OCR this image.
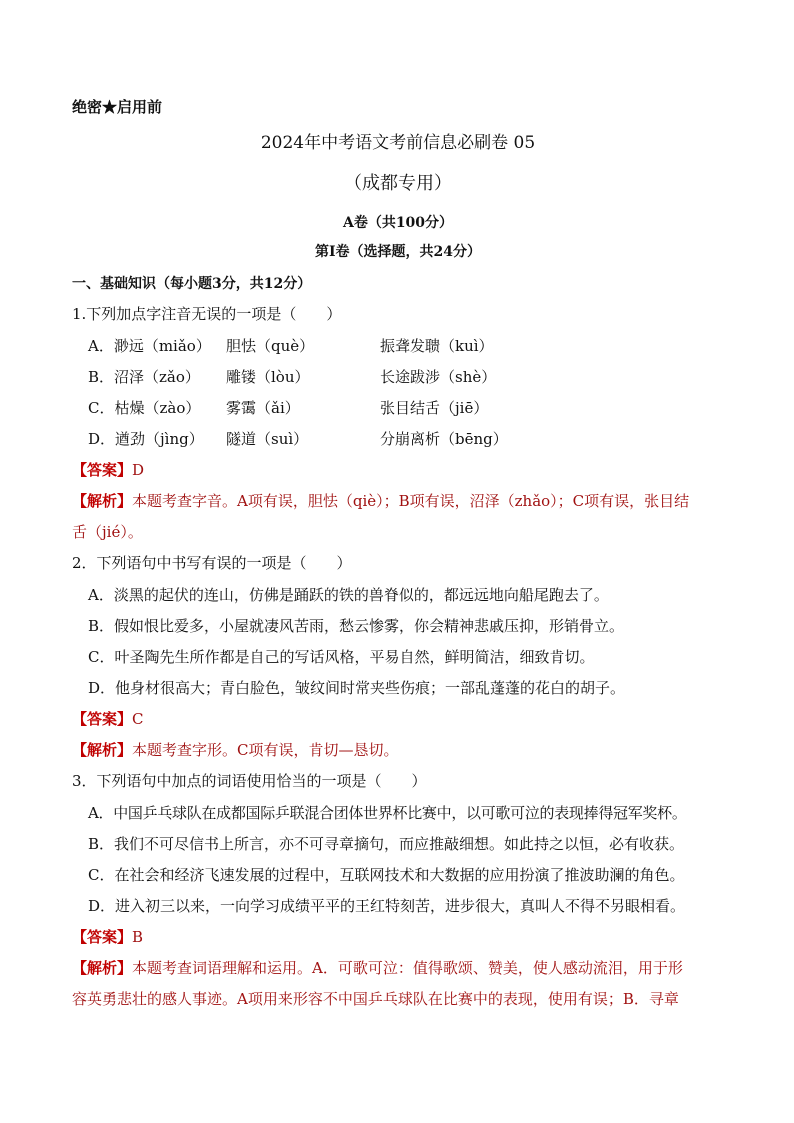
绝密★启用前
2024年中考语文考前信息必刷卷 05
（成都专用）
A卷（共100分）
第Ⅰ卷（选择题，共24分）
一、基础知识（每小题3分，共12分）
1.下列加点字注音无误的一项是（　　）
A．渺远（miǎo） 胆怯（què）	振聋发聩（kuì）
B．沼泽（zǎo） 雕镂（lòu）	长途跋涉（shè）
C．枯燥（zào） 雾霭（ǎi）	张目结舌（jiē）
D．遒劲（jìng） 隧道（suì）	分崩离析（bēng）
【答案】D
【解析】本题考查字音。A项有误，胆怯（qiè）；B项有误，沼泽（zhǎo）；C项有误，张目结
舌（jié）。
2．下列语句中书写有误的一项是（　　）
A．淡黑的起伏的连山，仿佛是踊跃的铁的兽脊似的，都远远地向船尾跑去了。
B．假如恨比爱多，小屋就凄风苦雨，愁云惨雾，你会精神悲戚压抑，形销骨立。
C．叶圣陶先生所作都是自己的写话风格，平易自然，鲜明简洁，细致肯切。
D．他身材很高大；青白脸色，皱纹间时常夹些伤痕；一部乱蓬蓬的花白的胡子。
【答案】C
【解析】本题考查字形。C项有误，肯切—恳切。
3．下列语句中加点的词语使用恰当的一项是（　　）
A．中国乒乓球队在成都国际乒联混合团体世界杯比赛中，以可歌可泣的表现捧得冠军奖杯。
B．我们不可尽信书上所言，亦不可寻章摘句，而应推敲细想。如此持之以恒，必有收获。
C．在社会和经济飞速发展的过程中，互联网技术和大数据的应用扮演了推波助澜的角色。
D．进入初三以来，一向学习成绩平平的王红特刻苦，进步很大，真叫人不得不另眼相看。
【答案】B
【解析】本题考查词语理解和运用。A．可歌可泣：值得歌颂、赞美，使人感动流泪，用于形
容英勇悲壮的感人事迹。A项用来形容不中国乒乓球队在比赛中的表现，使用有误；B．寻章
